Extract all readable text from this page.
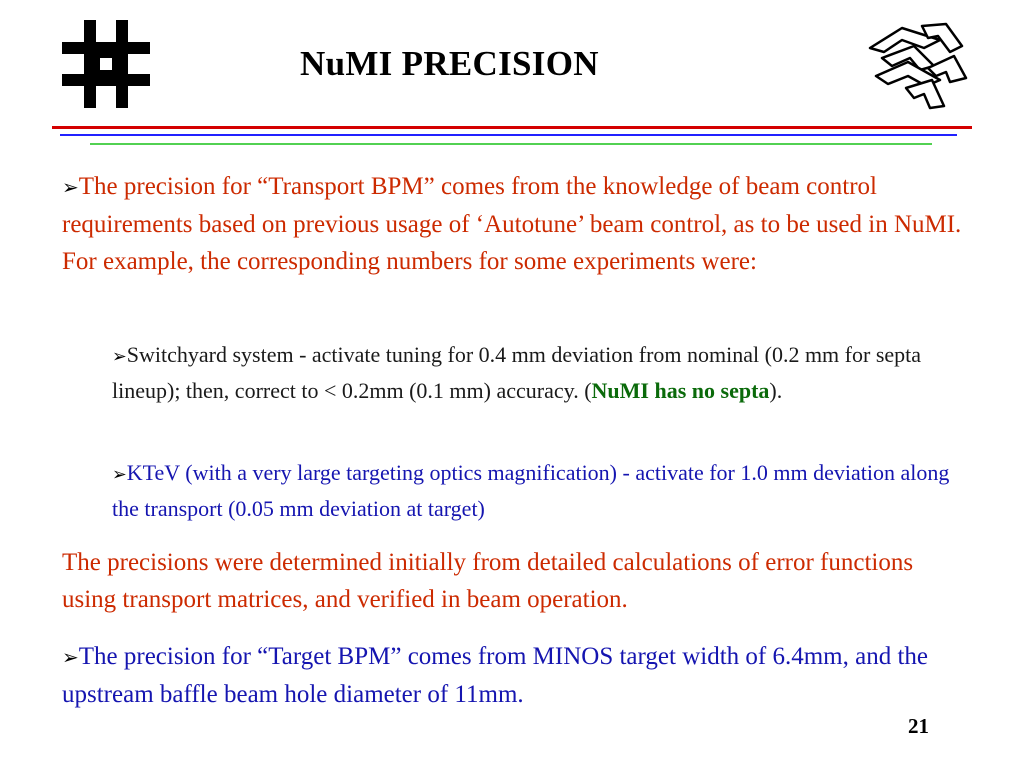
NuMI PRECISION

➢The precision for “Transport BPM” comes from the knowledge of beam control requirements based on previous usage of ‘Autotune’ beam control, as to be used in NuMI. For example, the corresponding numbers for some experiments were:

➢Switchyard system - activate tuning for 0.4 mm deviation from nominal (0.2 mm for septa lineup); then, correct to < 0.2mm (0.1 mm) accuracy. (NuMI has no septa).

➢KTeV (with a very large targeting optics magnification) - activate for 1.0 mm deviation along the transport (0.05 mm deviation at target)

The precisions were determined initially from detailed calculations of error functions using transport matrices, and verified in beam operation.

➢The precision for “Target BPM” comes from MINOS target width of 6.4mm, and the upstream baffle beam hole diameter of 11mm.

21
